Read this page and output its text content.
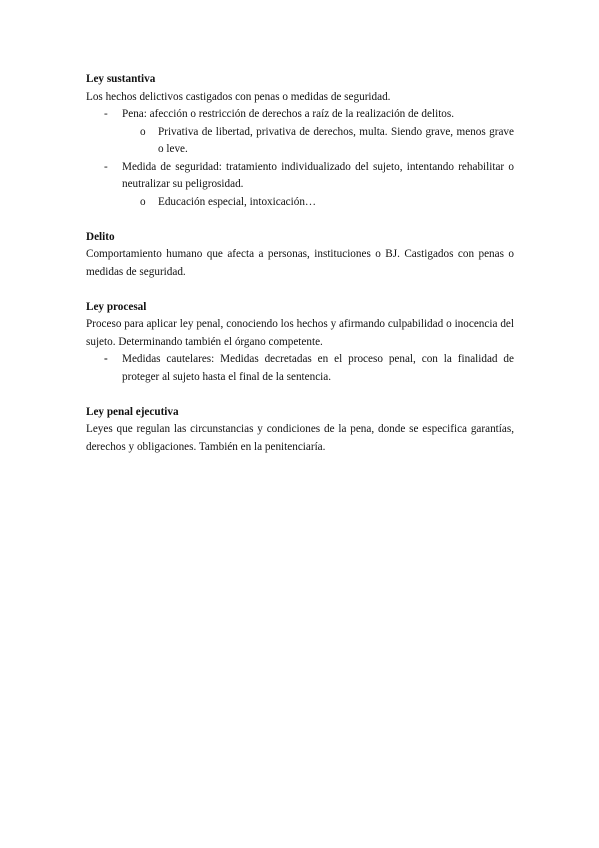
Ley sustantiva
Los hechos delictivos castigados con penas o medidas de seguridad.
- Pena: afección o restricción de derechos a raíz de la realización de delitos.
o Privativa de libertad, privativa de derechos, multa. Siendo grave, menos grave o leve.
- Medida de seguridad: tratamiento individualizado del sujeto, intentando rehabilitar o neutralizar su peligrosidad.
o Educación especial, intoxicación…
Delito
Comportamiento humano que afecta a personas, instituciones o BJ. Castigados con penas o medidas de seguridad.
Ley procesal
Proceso para aplicar ley penal, conociendo los hechos y afirmando culpabilidad o inocencia del sujeto. Determinando también el órgano competente.
- Medidas cautelares: Medidas decretadas en el proceso penal, con la finalidad de proteger al sujeto hasta el final de la sentencia.
Ley penal ejecutiva
Leyes que regulan las circunstancias y condiciones de la pena, donde se especifica garantías, derechos y obligaciones. También en la penitenciaría.
